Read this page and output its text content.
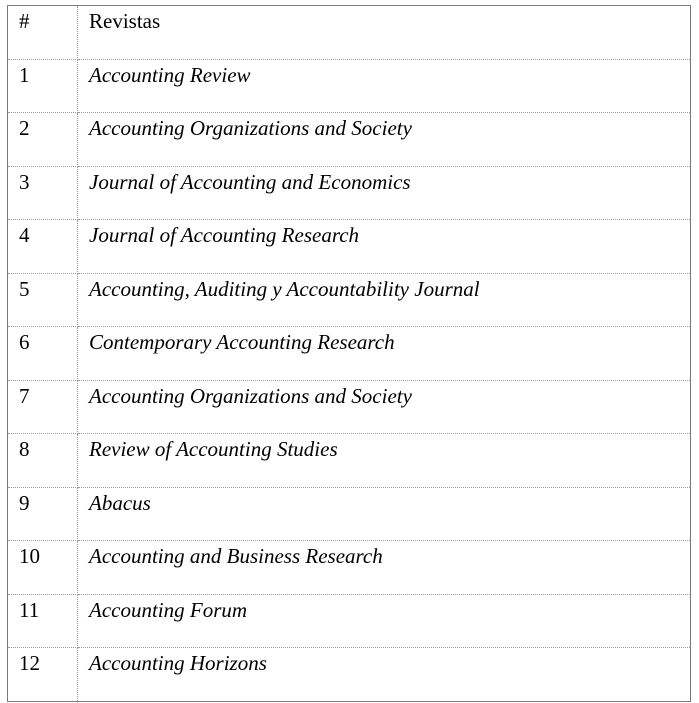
#	Revistas
1	Accounting Review
2	Accounting Organizations and Society
3	Journal of Accounting and Economics
4	Journal of Accounting Research
5	Accounting, Auditing y Accountability Journal
6	Contemporary Accounting Research
7	Accounting Organizations and Society
8	Review of Accounting Studies
9	Abacus
10	Accounting and Business Research
11	Accounting Forum
12	Accounting Horizons
